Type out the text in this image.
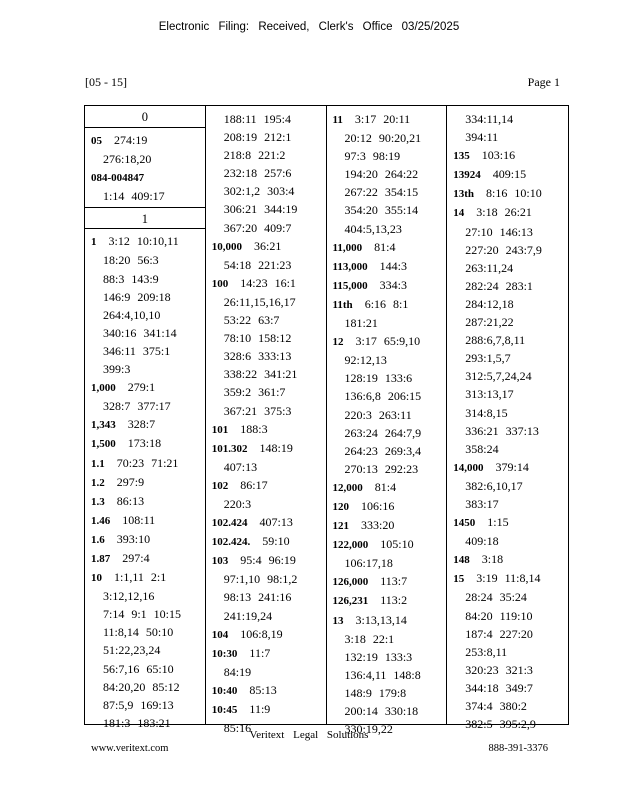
Electronic Filing: Received, Clerk's Office 03/25/2025
[05 - 15]	Page 1
0
05  274:19
276:18,20
084-004847 
1:14 409:17
1
1  3:12 10:10,11
18:20 56:3
88:3 143:9
146:9 209:18
264:4,10,10
340:16 341:14
346:11 375:1
399:3
1,000  279:1
328:7 377:17
1,343  328:7
1,500  173:18
1.1  70:23 71:21
1.2  297:9
1.3  86:13
1.46  108:11
1.6  393:10
1.87  297:4
10  1:1,11 2:1
3:12,12,16
7:14 9:1 10:15
11:8,14 50:10
51:22,23,24
56:7,16 65:10
84:20,20 85:12
87:5,9 169:13
181:3 183:21
188:11 195:4
208:19 212:1
218:8 221:2
232:18 257:6
302:1,2 303:4
306:21 344:19
367:20 409:7
10,000  36:21
54:18 221:23
100  14:23 16:1
26:11,15,16,17
53:22 63:7
78:10 158:12
328:6 333:13
338:22 341:21
359:2 361:7
367:21 375:3
101  188:3
101.302  148:19
407:13
102  86:17
220:3
102.424  407:13
102.424.  59:10
103  95:4 96:19
97:1,10 98:1,2
98:13 241:16
241:19,24
104  106:8,19
10:30  11:7
84:19
10:40  85:13
10:45  11:9
85:16
11  3:17 20:11
20:12 90:20,21
97:3 98:19
194:20 264:22
267:22 354:15
354:20 355:14
404:5,13,23
11,000  81:4
113,000  144:3
115,000  334:3
11th  6:16 8:1
181:21
12  3:17 65:9,10
92:12,13
128:19 133:6
136:6,8 206:15
220:3 263:11
263:24 264:7,9
264:23 269:3,4
270:13 292:23
12,000  81:4
120  106:16
121  333:20
122,000  105:10
106:17,18
126,000  113:7
126,231  113:2
13  3:13,13,14
3:18 22:1
132:19 133:3
136:4,11 148:8
148:9 179:8
200:14 330:18
330:19,22
334:11,14
394:11
135  103:16
13924  409:15
13th  8:16 10:10
14  3:18 26:21
27:10 146:13
227:20 243:7,9
263:11,24
282:24 283:1
284:12,18
287:21,22
288:6,7,8,11
293:1,5,7
312:5,7,24,24
313:13,17
314:8,15
336:21 337:13
358:24
14,000  379:14
382:6,10,17
383:17
1450  1:15
409:18
148  3:18
15  3:19 11:8,14
28:24 35:24
84:20 119:10
187:4 227:20
253:8,11
320:23 321:3
344:18 349:7
374:4 380:2
382:5 395:2,9
Veritext Legal Solutions
www.veritext.com	888-391-3376
